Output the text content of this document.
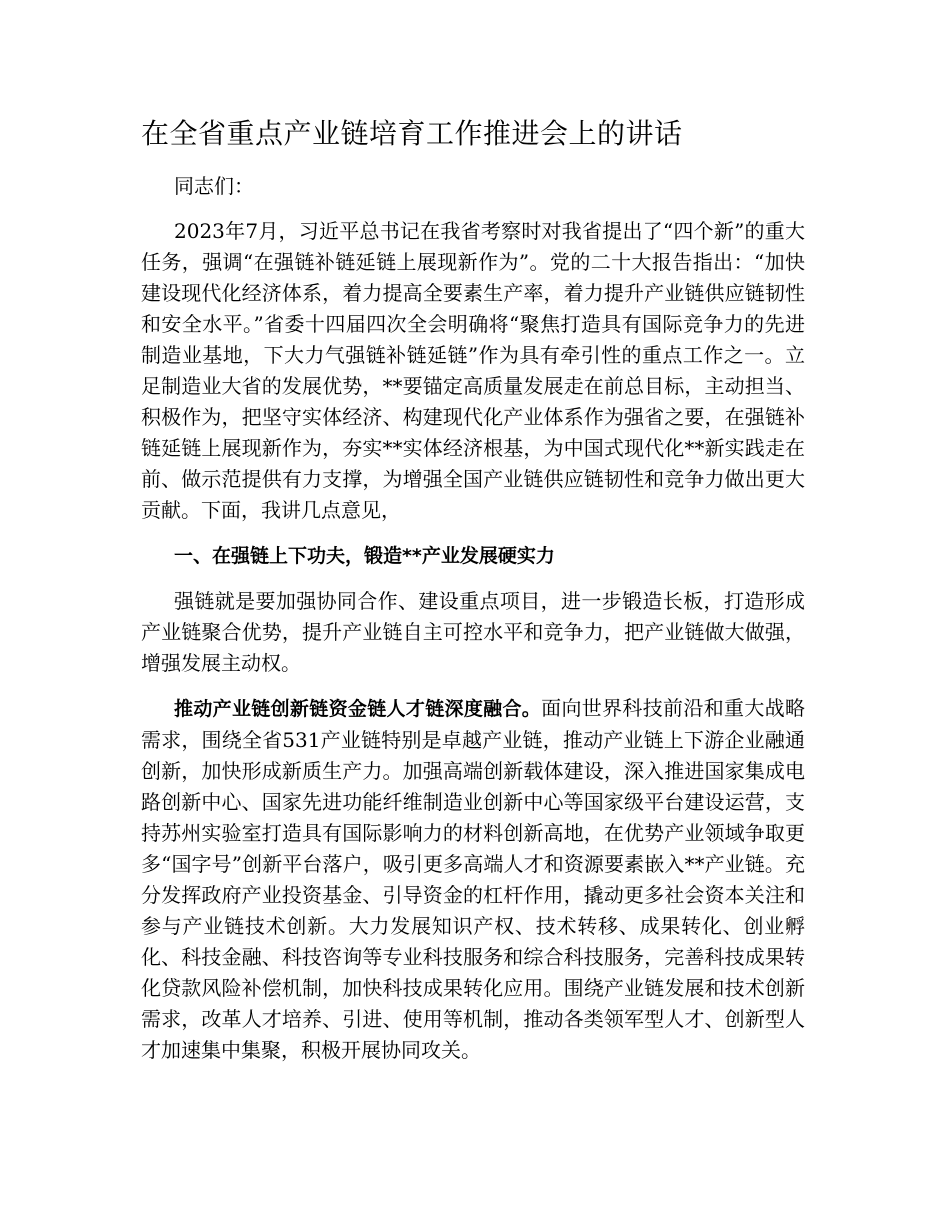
在全省重点产业链培育工作推进会上的讲话

同志们：

2023年7月，习近平总书记在我省考察时对我省提出了“四个新”的重大任务，强调“在强链补链延链上展现新作为”。党的二十大报告指出：“加快建设现代化经济体系，着力提高全要素生产率，着力提升产业链供应链韧性和安全水平。”省委十四届四次全会明确将“聚焦打造具有国际竞争力的先进制造业基地，下大力气强链补链延链”作为具有牵引性的重点工作之一。立足制造业大省的发展优势，**要锚定高质量发展走在前总目标，主动担当、积极作为，把坚守实体经济、构建现代化产业体系作为强省之要，在强链补链延链上展现新作为，夯实**实体经济根基，为中国式现代化**新实践走在前、做示范提供有力支撑，为增强全国产业链供应链韧性和竞争力做出更大贡献。下面，我讲几点意见，

一、在强链上下功夫，锻造**产业发展硬实力

强链就是要加强协同合作、建设重点项目，进一步锻造长板，打造形成产业链聚合优势，提升产业链自主可控水平和竞争力，把产业链做大做强，增强发展主动权。

推动产业链创新链资金链人才链深度融合。面向世界科技前沿和重大战略需求，围绕全省531产业链特别是卓越产业链，推动产业链上下游企业融通创新，加快形成新质生产力。加强高端创新载体建设，深入推进国家集成电路创新中心、国家先进功能纤维制造业创新中心等国家级平台建设运营，支持苏州实验室打造具有国际影响力的材料创新高地，在优势产业领域争取更多“国字号”创新平台落户，吸引更多高端人才和资源要素嵌入**产业链。充分发挥政府产业投资基金、引导资金的杠杆作用，撬动更多社会资本关注和参与产业链技术创新。大力发展知识产权、技术转移、成果转化、创业孵化、科技金融、科技咨询等专业科技服务和综合科技服务，完善科技成果转化贷款风险补偿机制，加快科技成果转化应用。围绕产业链发展和技术创新需求，改革人才培养、引进、使用等机制，推动各类领军型人才、创新型人才加速集中集聚，积极开展协同攻关。
